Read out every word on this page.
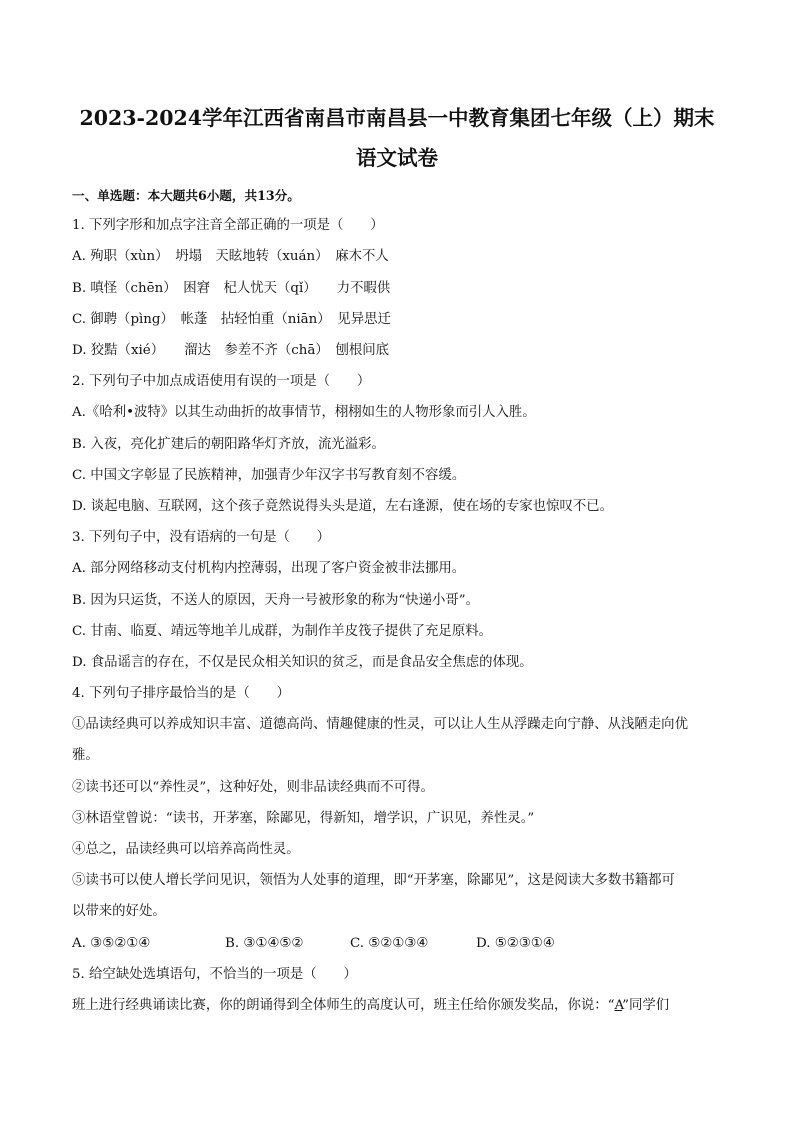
2023-2024学年江西省南昌市南昌县一中教育集团七年级（上）期末
语文试卷
一、单选题：本大题共6小题，共13分。
1. 下列字形和加点字注音全部正确的一项是（　　）
A. 殉职（xùn）　坍塌　天眩地转（xuán）　麻木不人
B. 嗔怪（chēn）　困窘　杞人忧天（qǐ）　　力不暇供
C. 御聘（pìng）　帐蓬　拈轻怕重（niān）　见异思迁
D. 狡黠（xié）　　溜达　参差不齐（chā）　刨根问底
2. 下列句子中加点成语使用有误的一项是（　　）
A.《哈利•波特》以其生动曲折的故事情节，栩栩如生的人物形象而引人入胜。
B. 入夜，亮化扩建后的朝阳路华灯齐放，流光溢彩。
C. 中国文字彰显了民族精神，加强青少年汉字书写教育刻不容缓。
D. 谈起电脑、互联网，这个孩子竟然说得头头是道，左右逢源，使在场的专家也惊叹不已。
3. 下列句子中，没有语病的一句是（　　）
A. 部分网络移动支付机构内控薄弱，出现了客户资金被非法挪用。
B. 因为只运货，不送人的原因，天舟一号被形象的称为“快递小哥”。
C. 甘南、临夏、靖远等地羊儿成群，为制作羊皮筏子提供了充足原料。
D. 食品谣言的存在，不仅是民众相关知识的贫乏，而是食品安全焦虑的体现。
4. 下列句子排序最恰当的是（　　）
①品读经典可以养成知识丰富、道德高尚、情趣健康的性灵，可以让人生从浮躁走向宁静、从浅陋走向优
雅。
②读书还可以“养性灵”，这种好处，则非品读经典而不可得。
③林语堂曾说：“读书，开茅塞，除鄙见，得新知，增学识，广识见，养性灵。”
④总之，品读经典可以培养高尚性灵。
⑤读书可以使人增长学问见识，领悟为人处事的道理，即“开茅塞，除鄙见”，这是阅读大多数书籍都可
以带来的好处。
A. ③⑤②①④	B. ③①④⑤②	C. ⑤②①③④	D. ⑤②③①④
5. 给空缺处选填语句，不恰当的一项是（　　）
班上进行经典诵读比赛，你的朗诵得到全体师生的高度认可，班主任给你颁发奖品，你说：“A”同学们
